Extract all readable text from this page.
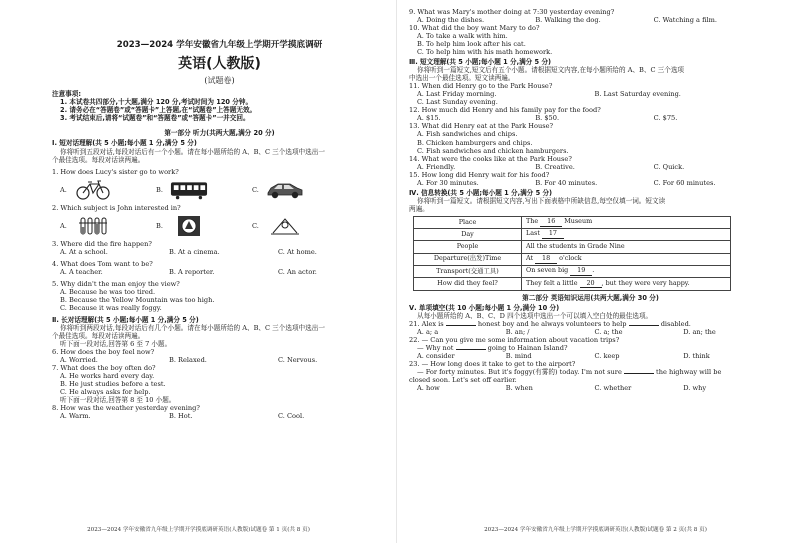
2023—2024 学年安徽省九年级上学期开学摸底调研
英语(人教版)
(试题卷)
注意事项:
1. 本试卷共四部分,十大题,满分 120 分,考试时间为 120 分钟。
2. 请务必在“答题卷”或“答题卡”上答题,在“试题卷”上答题无效。
3. 考试结束后,请将“试题卷”和“答题卷”或“答题卡”一并交回。
第一部分 听力(共两大题,满分 20 分)
Ⅰ. 短对话理解(共 5 小题;每小题 1 分,满分 5 分)
你将听到五段对话,每段对话后有一个小题。请在每小题所给的 A、B、C 三个选项中选出一
个最佳选项。每段对话读两遍。
1. How does Lucy's sister go to work?
A.	B.	C.
2. Which subject is John interested in?
A.	B.	C.
3. Where did the fire happen?
A. At a school.	B. At a cinema.	C. At home.
4. What does Tom want to be?
A. A teacher.	B. A reporter.	C. An actor.
5. Why didn't the man enjoy the view?
A. Because he was too tired.
B. Because the Yellow Mountain was too high.
C. Because it was really foggy.
Ⅱ. 长对话理解(共 5 小题;每小题 1 分,满分 5 分)
你将听到两段对话,每段对话后有几个小题。请在每小题所给的 A、B、C 三个选项中选出一
个最佳选项。每段对话读两遍。
听下面一段对话,回答第 6 至 7 小题。
6. How does the boy feel now?
A. Worried.	B. Relaxed.	C. Nervous.
7. What does the boy often do?
A. He works hard every day.
B. He just studies before a test.
C. He always asks for help.
听下面一段对话,回答第 8 至 10 小题。
8. How was the weather yesterday evening?
A. Warm.	B. Hot.	C. Cool.
2023—2024 学年安徽省九年级上学期开学摸底调研英语(人教版)试题卷 第 1 页(共 8 页)
9. What was Mary's mother doing at 7:30 yesterday evening?
A. Doing the dishes.	B. Walking the dog.	C. Watching a film.
10. What did the boy want Mary to do?
A. To take a walk with him.
B. To help him look after his cat.
C. To help him with his math homework.
Ⅲ. 短文理解(共 5 小题;每小题 1 分,满分 5 分)
你将听到一篇短文,短文后有五个小题。请根据短文内容,在每小题所给的 A、B、C 三个选项
中选出一个最佳选项。短文读两遍。
11. When did Henry go to the Park House?
A. Last Friday morning.	B. Last Saturday evening.
C. Last Sunday evening.
12. How much did Henry and his family pay for the food?
A. $15.	B. $50.	C. $75.
13. What did Henry eat at the Park House?
A. Fish sandwiches and chips.
B. Chicken hamburgers and chips.
C. Fish sandwiches and chicken hamburgers.
14. What were the cooks like at the Park House?
A. Friendly.	B. Creative.	C. Quick.
15. How long did Henry wait for his food?
A. For 30 minutes.	B. For 40 minutes.	C. For 60 minutes.
Ⅳ. 信息转换(共 5 小题;每小题 1 分,满分 5 分)
你将听到一篇短文。请根据短文内容,写出下面表格中所缺信息,每空仅填一词。短文读
两遍。
Place	The 16 Museum
Day	Last 17
People	All the students in Grade Nine
Departure(出发)Time	At 18 o'clock
Transport(交通工具)	On seven big 19 .
How did they feel?	They felt a little 20 , but they were very happy.
第二部分 英语知识运用(共两大题,满分 30 分)
Ⅴ. 单项填空(共 10 小题;每小题 1 分,满分 10 分)
从每小题所给的 A、B、C、D 四个选项中选出一个可以填入空白处的最佳选项。
21. Alex is	honest boy and he always volunteers to help	disabled.
A. a; a	B. an; /	C. a; the	D. an; the
22. — Can you give me some information about vacation trips?
— Why not	going to Hainan Island?
A. consider	B. mind	C. keep	D. think
23. — How long does it take to get to the airport?
— For forty minutes. But it's foggy(有雾的) today. I'm not sure	the highway will be
closed soon. Let's set off earlier.
A. how	B. when	C. whether	D. why
2023—2024 学年安徽省九年级上学期开学摸底调研英语(人教版)试题卷 第 2 页(共 8 页)
